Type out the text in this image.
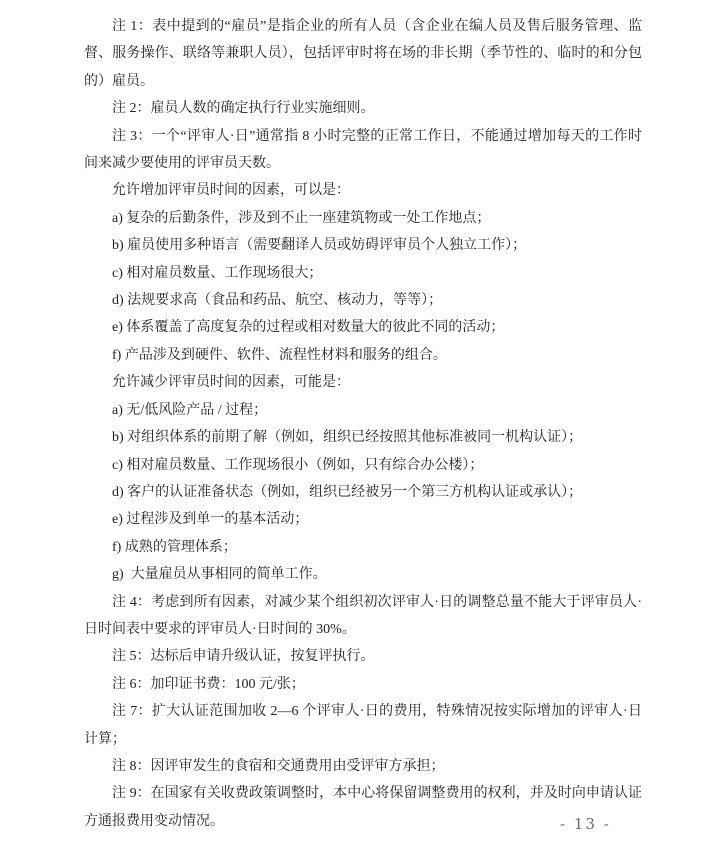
注 1：表中提到的“雇员”是指企业的所有人员（含企业在编人员及售后服务管理、监督、服务操作、联络等兼职人员），包括评审时将在场的非长期（季节性的、临时的和分包的）雇员。

注 2：雇员人数的确定执行行业实施细则。

注 3：一个“评审人·日”通常指 8 小时完整的正常工作日，不能通过增加每天的工作时间来减少要使用的评审员天数。

允许增加评审员时间的因素，可以是：

a) 复杂的后勤条件，涉及到不止一座建筑物或一处工作地点；

b) 雇员使用多种语言（需要翻译人员或妨碍评审员个人独立工作）；

c) 相对雇员数量、工作现场很大；

d) 法规要求高（食品和药品、航空、核动力，等等）；

e) 体系覆盖了高度复杂的过程或相对数量大的彼此不同的活动；

f) 产品涉及到硬件、软件、流程性材料和服务的组合。

允许减少评审员时间的因素，可能是：

a) 无/低风险产品 / 过程；

b) 对组织体系的前期了解（例如，组织已经按照其他标准被同一机构认证）；

c) 相对雇员数量、工作现场很小（例如，只有综合办公楼）；

d) 客户的认证准备状态（例如，组织已经被另一个第三方机构认证或承认）；

e) 过程涉及到单一的基本活动；

f) 成熟的管理体系；

g)  大量雇员从事相同的简单工作。

注 4：考虑到所有因素，对减少某个组织初次评审人·日的调整总量不能大于评审员人·日时间表中要求的评审员人·日时间的 30%。

注 5：达标后申请升级认证，按复评执行。

注 6：加印证书费：100 元/张；

注 7：扩大认证范围加收 2—6 个评审人·日的费用，特殊情况按实际增加的评审人·日计算；

注 8：因评审发生的食宿和交通费用由受评审方承担；

注 9：在国家有关收费政策调整时，本中心将保留调整费用的权利，并及时向申请认证方通报费用变动情况。	- 13 -
